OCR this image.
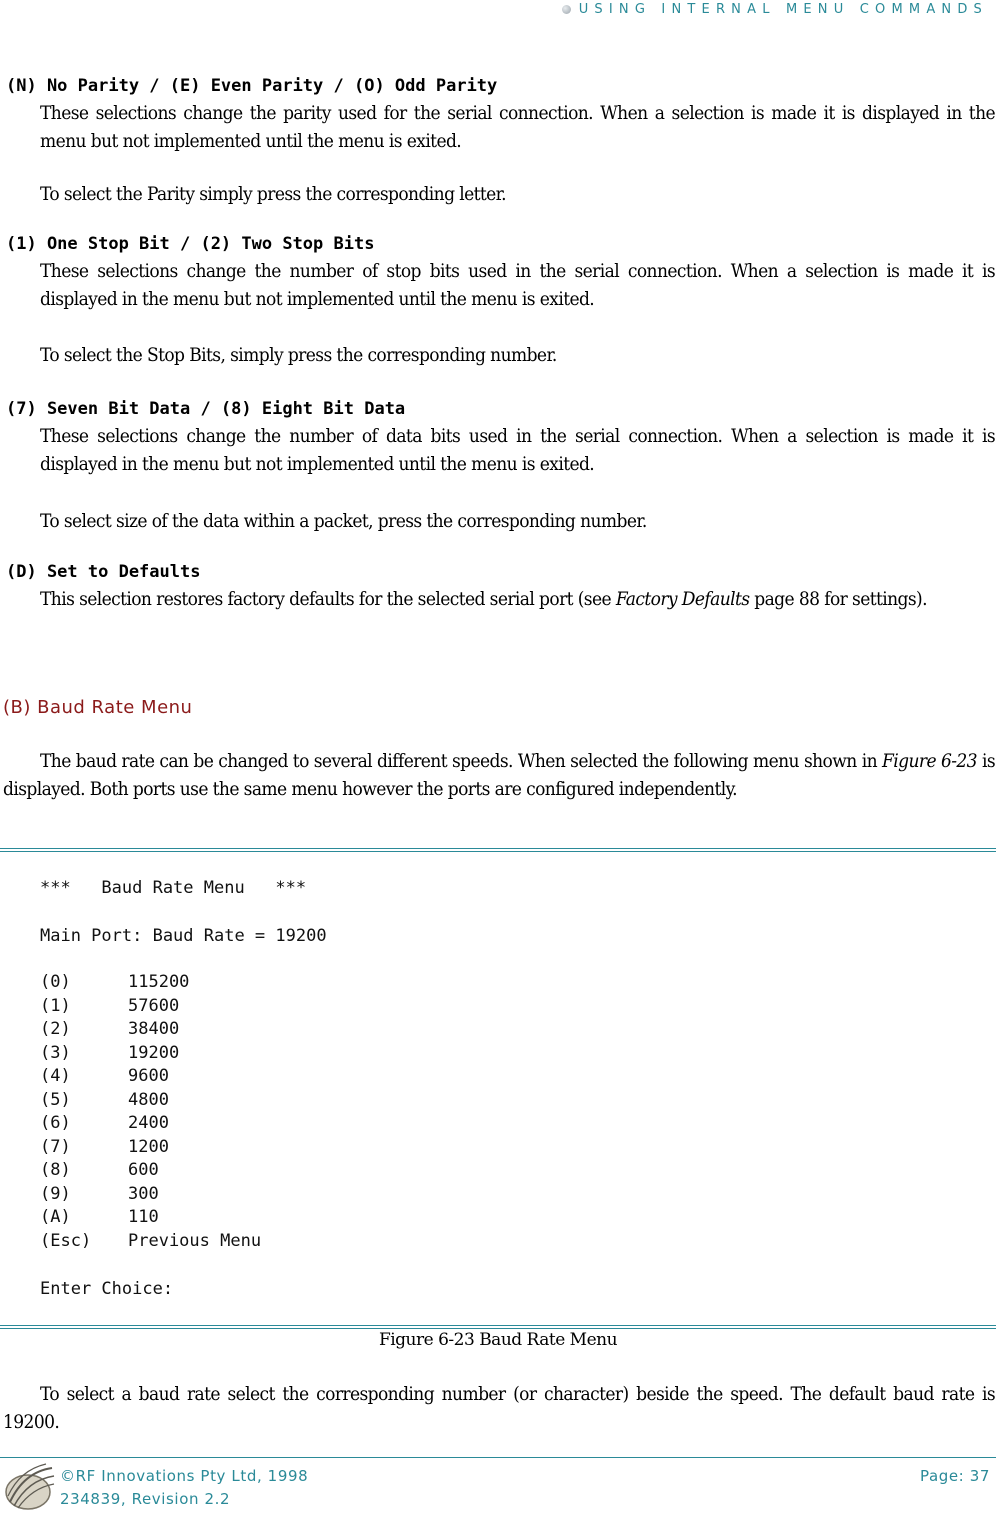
USING INTERNAL MENU COMMANDS
(N) No Parity / (E) Even Parity / (O) Odd Parity
These selections change the parity used for the serial connection. When a selection is made it is displayed in the menu but not implemented until the menu is exited.
To select the Parity simply press the corresponding letter.
(1) One Stop Bit / (2) Two Stop Bits
These selections change the number of stop bits used in the serial connection. When a selection is made it is displayed in the menu but not implemented until the menu is exited.
To select the Stop Bits, simply press the corresponding number.
(7) Seven Bit Data / (8) Eight Bit Data
These selections change the number of data bits used in the serial connection. When a selection is made it is displayed in the menu but not implemented until the menu is exited.
To select size of the data within a packet, press the corresponding number.
(D) Set to Defaults
This selection restores factory defaults for the selected serial port (see Factory Defaults page 88 for settings).
(B) Baud Rate Menu
The baud rate can be changed to several different speeds. When selected the following menu shown in Figure 6-23 is displayed. Both ports use the same menu however the ports are configured independently.
***   Baud Rate Menu   ***
Main Port: Baud Rate = 19200
(0)	115200
(1)	57600
(2)	38400
(3)	19200
(4)	9600
(5)	4800
(6)	2400
(7)	1200
(8)	600
(9)	300
(A)	110
(Esc) Previous Menu
Enter Choice:
Figure 6-23 Baud Rate Menu
To select a baud rate select the corresponding number (or character) beside the speed. The default baud rate is 19200.
©RF Innovations Pty Ltd, 1998
234839, Revision 2.2
Page: 37
